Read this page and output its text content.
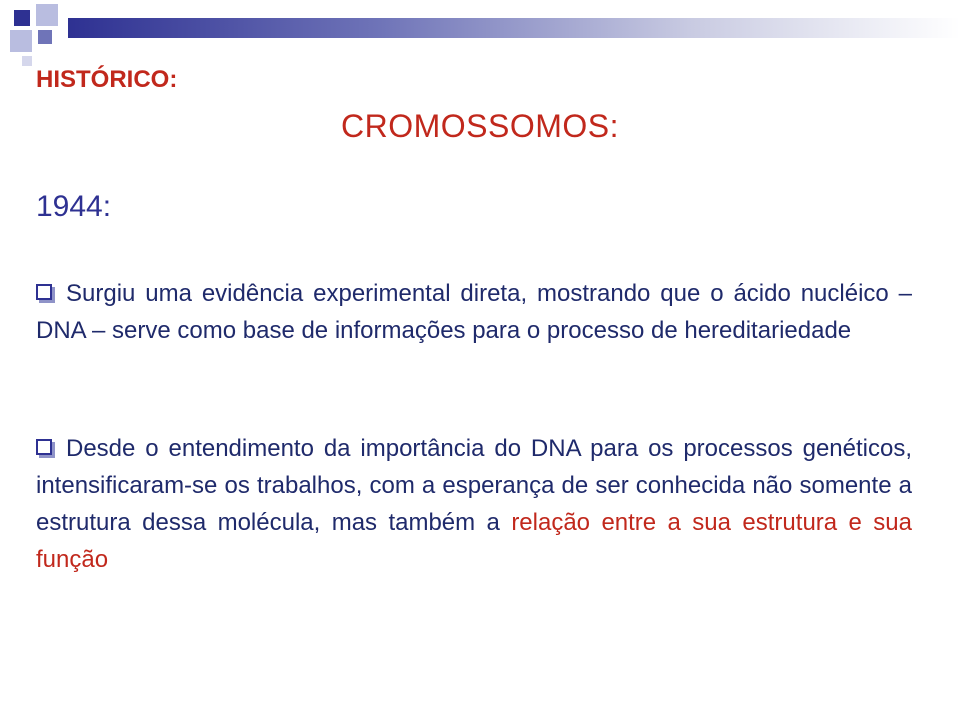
HISTÓRICO:
CROMOSSOMOS:
1944:

Surgiu uma evidência experimental direta, mostrando que o ácido nucléico – DNA – serve como base de informações para o processo de hereditariedade

Desde o entendimento da importância do DNA para os processos genéticos, intensificaram-se os trabalhos, com a esperança de ser conhecida não somente a estrutura dessa molécula, mas também a relação entre a sua estrutura e sua função
